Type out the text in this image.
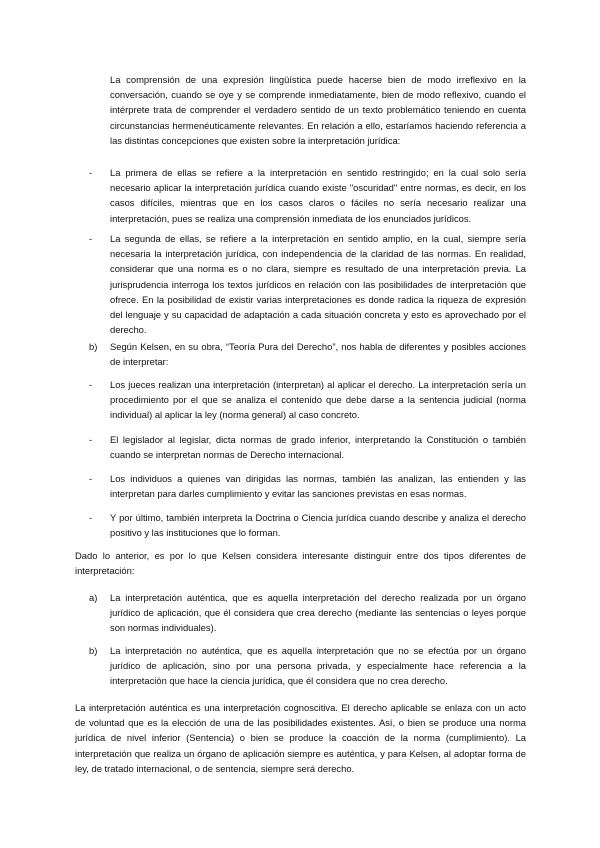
La comprensión de una expresión lingüística puede hacerse bien de modo irreflexivo en la conversación, cuando se oye y se comprende inmediatamente, bien de modo reflexivo, cuando el intérprete trata de comprender el verdadero sentido de un texto problemático teniendo en cuenta circunstancias hermenéuticamente relevantes. En relación a ello, estaríamos haciendo referencia a las distintas concepciones que existen sobre la interpretación jurídica:

- La primera de ellas se refiere a la interpretación en sentido restringido; en la cual solo sería necesario aplicar la interpretación jurídica cuando existe "oscuridad" entre normas, es decir, en los casos difíciles, mientras que en los casos claros o fáciles no sería necesario realizar una interpretación, pues se realiza una comprensión inmediata de los enunciados jurídicos.

- La segunda de ellas, se refiere a la interpretación en sentido amplio, en la cual, siempre sería necesaria la interpretación jurídica, con independencia de la claridad de las normas. En realidad, considerar que una norma es o no clara, siempre es resultado de una interpretación previa. La jurisprudencia interroga los textos jurídicos en relación con las posibilidades de interpretación que ofrece. En la posibilidad de existir varias interpretaciones es donde radica la riqueza de expresión del lenguaje y su capacidad de adaptación a cada situación concreta y esto es aprovechado por el derecho.

b) Según Kelsen, en su obra, “Teoría Pura del Derecho”, nos habla de diferentes y posibles acciones de interpretar:

- Los jueces realizan una interpretación (interpretan) al aplicar el derecho. La interpretación sería un procedimiento por el que se analiza el contenido que debe darse a la sentencia judicial (norma individual) al aplicar la ley (norma general) al caso concreto.

- El legislador al legislar, dicta normas de grado inferior, interpretando la Constitución o también cuando se interpretan normas de Derecho internacional.

- Los individuos a quienes van dirigidas las normas, también las analizan, las entienden y las interpretan para darles cumplimiento y evitar las sanciones previstas en esas normas.

- Y por último, también interpreta la Doctrina o Ciencia jurídica cuando describe y analiza el derecho positivo y las instituciones que lo forman.

Dado lo anterior, es por lo que Kelsen considera interesante distinguir entre dos tipos diferentes de interpretación:

a) La interpretación auténtica, que es aquella interpretación del derecho realizada por un órgano jurídico de aplicación, que él considera que crea derecho (mediante las sentencias o leyes porque son normas individuales).

b) La interpretación no auténtica, que es aquella interpretación que no se efectúa por un órgano jurídico de aplicación, sino por una persona privada, y especialmente hace referencia a la interpretación que hace la ciencia jurídica, que él considera que no crea derecho.

La interpretación auténtica es una interpretación cognoscitiva. El derecho aplicable se enlaza con un acto de voluntad que es la elección de una de las posibilidades existentes. Así, o bien se produce una norma jurídica de nivel inferior (Sentencia) o bien se produce la coacción de la norma (cumplimiento). La interpretación que realiza un órgano de aplicación siempre es auténtica, y para Kelsen, al adoptar forma de ley, de tratado internacional, o de sentencia, siempre será derecho.
